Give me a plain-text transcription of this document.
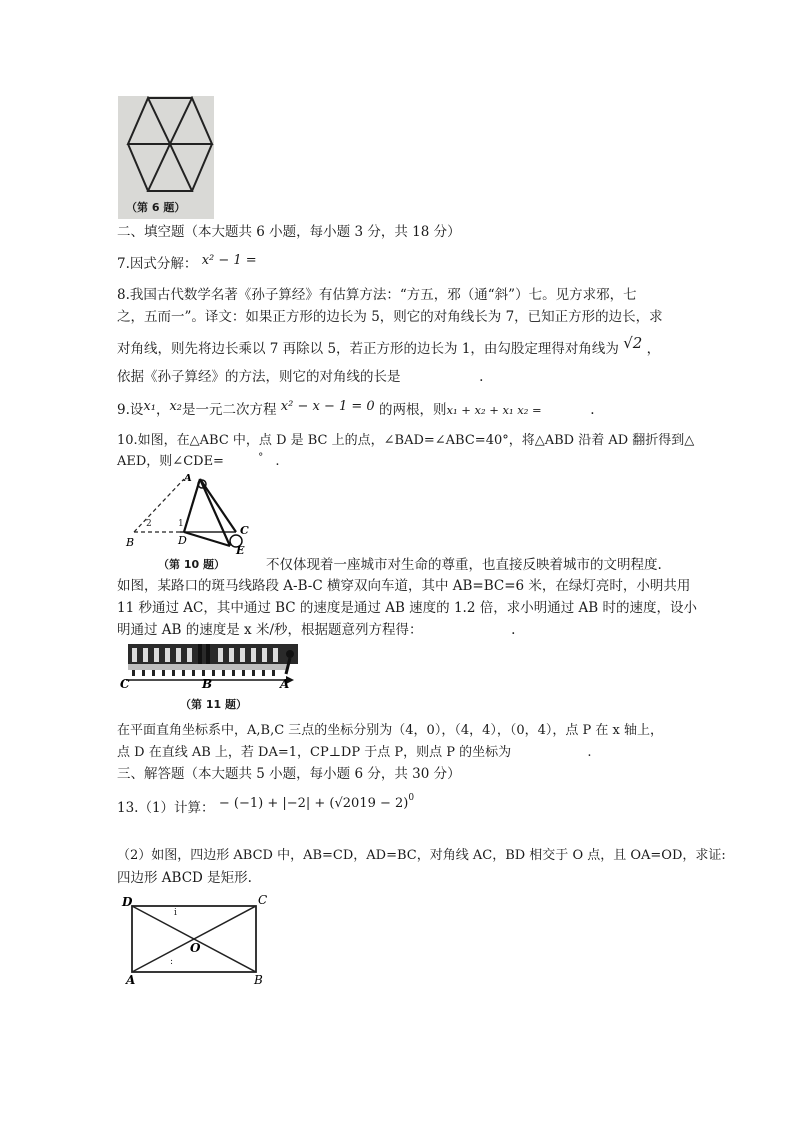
（第 6 题）
二、填空题（本大题共 6 小题，每小题 3 分，共 18 分）
7.因式分解： x² − 1 =
8.我国古代数学名著《孙子算经》有估算方法：“方五，邪（通“斜”）七。见方求邪，七
之，五而一”。译文：如果正方形的边长为 5，则它的对角线长为 7，已知正方形的边长，求
对角线，则先将边长乘以 7 再除以 5，若正方形的边长为 1，由勾股定理得对角线为 √2 ，
依据《孙子算经》的方法，则它的对角线的长是	.
9.设x₁，x₂是一元二次方程 x² − x − 1 = 0 的两根，则x₁ + x₂ + x₁ x₂ =	.
10.如图，在△ABC 中，点 D 是 BC 上的点，∠BAD=∠ABC=40°，将△ABD 沿着 AD 翻折得到△
AED，则∠CDE=	° .
2	1
A
B	D
C
E
（第 10 题）	不仅体现着一座城市对生命的尊重，也直接反映着城市的文明程度.
如图，某路口的斑马线路段 A-B-C 横穿双向车道，其中 AB=BC=6 米，在绿灯亮时，小明共用
11 秒通过 AC，其中通过 BC 的速度是通过 AB 速度的 1.2 倍，求小明通过 AB 时的速度，设小
明通过 AB 的速度是 x 米/秒，根据题意列方程得：	.
C	B	A
（第 11 题）
在平面直角坐标系中，A,B,C 三点的坐标分别为（4，0），（4，4），（0，4），点 P 在 x 轴上，
点 D 在直线 AB 上，若 DA=1，CP⊥DP 于点 P，则点 P 的坐标为	.
三、解答题（本大题共 5 小题，每小题 6 分，共 30 分）
13.（1）计算： − $(-1) + |-2| + (√2019 - 2)^0$
（2）如图，四边形 ABCD 中，AB=CD，AD=BC，对角线 AC，BD 相交于 O 点，且 OA=OD，求证:
四边形 ABCD 是矩形.
i
:
D	C
A	B
O
